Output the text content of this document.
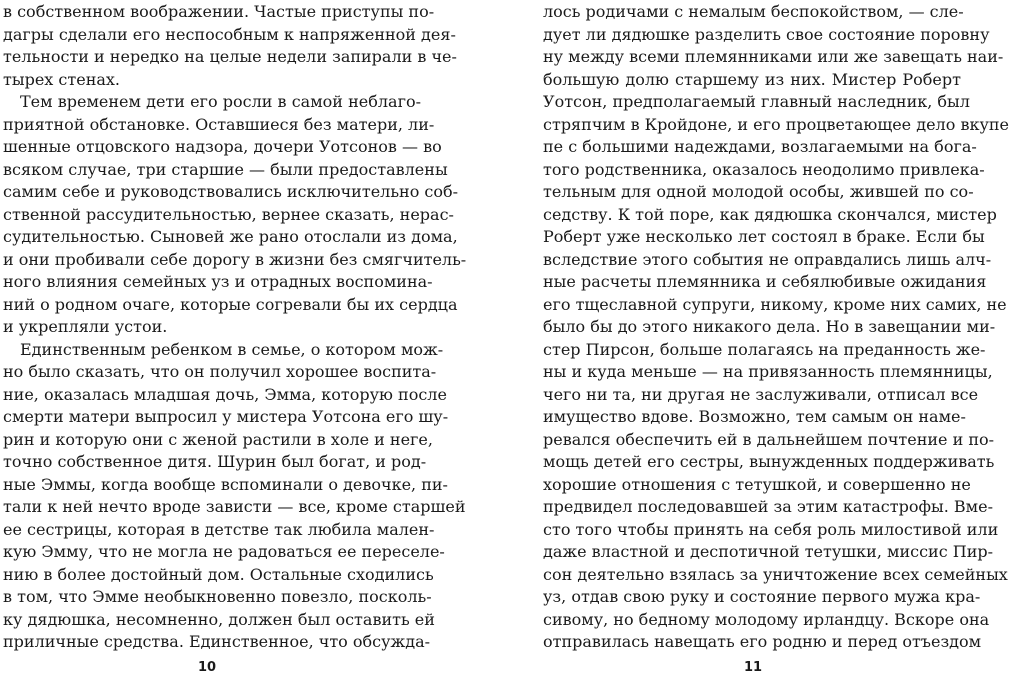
в собственном воображении. Частые приступы по-
дагры сделали его неспособным к напряженной дея-
тельности и нередко на целые недели запирали в че-
тырех стенах.
Тем временем дети его росли в самой неблаго-
приятной обстановке. Оставшиеся без матери, ли-
шенные отцовского надзора, дочери Уотсонов — во
всяком случае, три старшие — были предоставлены
самим себе и руководствовались исключительно соб-
ственной рассудительностью, вернее сказать, нерас-
судительностью. Сыновей же рано отослали из дома,
и они пробивали себе дорогу в жизни без смягчитель-
ного влияния семейных уз и отрадных воспомина-
ний о родном очаге, которые согревали бы их сердца
и укрепляли устои.
Единственным ребенком в семье, о котором мож-
но было сказать, что он получил хорошее воспита-
ние, оказалась младшая дочь, Эмма, которую после
смерти матери выпросил у мистера Уотсона его шу-
рин и которую они с женой растили в холе и неге,
точно собственное дитя. Шурин был богат, и род-
ные Эммы, когда вообще вспоминали о девочке, пи-
тали к ней нечто вроде зависти — все, кроме старшей
ее сестрицы, которая в детстве так любила мален-
кую Эмму, что не могла не радоваться ее переселе-
нию в более достойный дом. Остальные сходились
в том, что Эмме необыкновенно повезло, посколь-
ку дядюшка, несомненно, должен был оставить ей
приличные средства. Единственное, что обсужда-
10
лось родичами с немалым беспокойством, — сле-
дует ли дядюшке разделить свое состояние поровну
ну между всеми племянниками или же завещать наи-
большую долю старшему из них. Мистер Роберт
Уотсон, предполагаемый главный наследник, был
стряпчим в Кройдоне, и его процветающее дело вкупе
пе с большими надеждами, возлагаемыми на бога-
того родственника, оказалось неодолимо привлека-
тельным для одной молодой особы, жившей по со-
седству. К той поре, как дядюшка скончался, мистер
Роберт уже несколько лет состоял в браке. Если бы
вследствие этого события не оправдались лишь алч-
ные расчеты племянника и себялюбивые ожидания
его тщеславной супруги, никому, кроме них самих, не
было бы до этого никакого дела. Но в завещании ми-
стер Пирсон, больше полагаясь на преданность же-
ны и куда меньше — на привязанность племянницы,
чего ни та, ни другая не заслуживали, отписал все
имущество вдове. Возможно, тем самым он наме-
ревался обеспечить ей в дальнейшем почтение и по-
мощь детей его сестры, вынужденных поддерживать
хорошие отношения с тетушкой, и совершенно не
предвидел последовавшей за этим катастрофы. Вме-
сто того чтобы принять на себя роль милостивой или
даже властной и деспотичной тетушки, миссис Пир-
сон деятельно взялась за уничтожение всех семейных
уз, отдав свою руку и состояние первого мужа кра-
сивому, но бедному молодому ирландцу. Вскоре она
отправилась навещать его родню и перед отъездом
11
